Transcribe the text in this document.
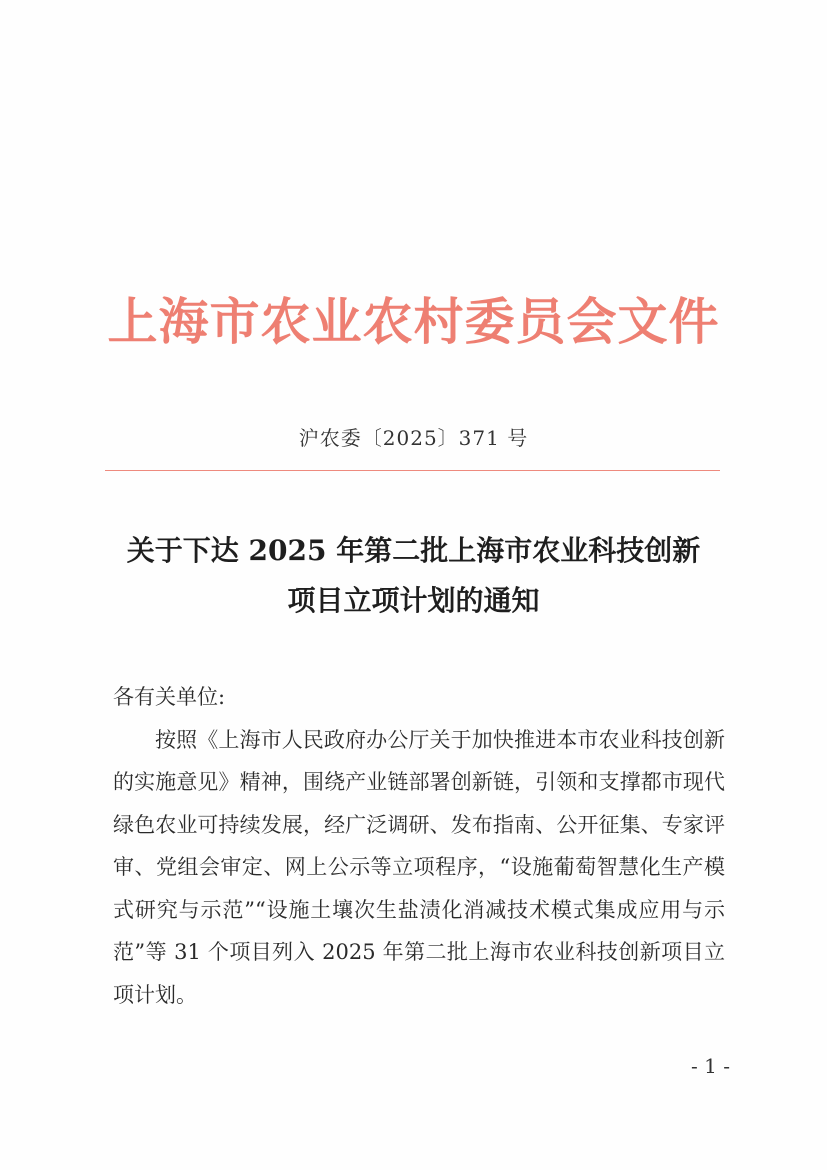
上海市农业农村委员会文件
沪农委〔2025〕371 号
关于下达 2025 年第二批上海市农业科技创新
项目立项计划的通知

各有关单位:

按照《上海市人民政府办公厅关于加快推进本市农业科技创新的实施意见》精神，围绕产业链部署创新链，引领和支撑都市现代绿色农业可持续发展，经广泛调研、发布指南、公开征集、专家评审、党组会审定、网上公示等立项程序，“设施葡萄智慧化生产模式研究与示范”“设施土壤次生盐渍化消减技术模式集成应用与示范”等 31 个项目列入 2025 年第二批上海市农业科技创新项目立项计划。

- 1 -
